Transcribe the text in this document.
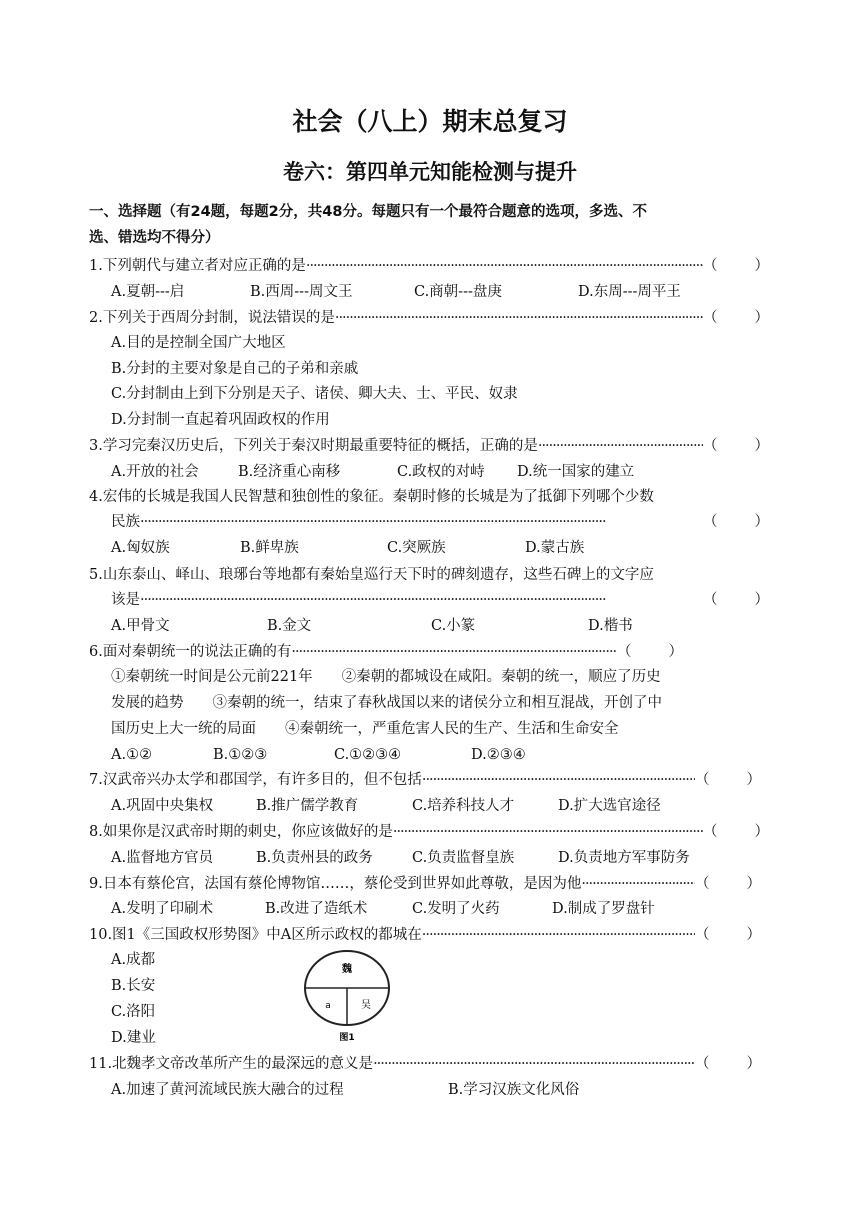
社会（八上）期末总复习
卷六：第四单元知能检测与提升
一、选择题（有24题，每题2分，共48分。每题只有一个最符合题意的选项，多选、不
选、错选均不得分）
1.下列朝代与建立者对应正确的是 ·····	（	）
A.夏朝---启	B.西周---周文王	C.商朝---盘庚	D.东周---周平王
2.下列关于西周分封制，说法错误的是 ·····	（	）
A.目的是控制全国广大地区
B.分封的主要对象是自己的子弟和亲戚
C.分封制由上到下分别是天子、诸侯、卿大夫、士、平民、奴隶
D.分封制一直起着巩固政权的作用
3.学习完秦汉历史后，下列关于秦汉时期最重要特征的概括，正确的是 ·····	（	）
A.开放的社会	B.经济重心南移	C.政权的对峙 D.统一国家的建立
4.宏伟的长城是我国人民智慧和独创性的象征。秦朝时修的长城是为了抵御下列哪个少数
民族 ·····	（	）
A.匈奴族	B.鲜卑族	C.突厥族	D.蒙古族
5.山东泰山、峄山、琅琊台等地都有秦始皇巡行天下时的碑刻遗存，这些石碑上的文字应
该是 ·····	（	）
A.甲骨文	B.金文	C.小篆	D.楷书
6.面对秦朝统一的说法正确的有 ·····	（	）
①秦朝统一时间是公元前221年　　②秦朝的都城设在咸阳。秦朝的统一，顺应了历史
发展的趋势　　③秦朝的统一，结束了春秋战国以来的诸侯分立和相互混战，开创了中
国历史上大一统的局面　　④秦朝统一，严重危害人民的生产、生活和生命安全
A.①②	B.①②③	C.①②③④	D.②③④
7.汉武帝兴办太学和郡国学，有许多目的，但不包括 ·····	（	）
A.巩固中央集权	B.推广儒学教育	C.培养科技人才	D.扩大选官途径
8.如果你是汉武帝时期的刺史，你应该做好的是 ·····	（	）
A.监督地方官员	B.负责州县的政务	C.负责监督皇族	D.负责地方军事防务
9.日本有蔡伦宫，法国有蔡伦博物馆……，蔡伦受到世界如此尊敬，是因为他 ·····	（	）
A.发明了印刷术	B.改进了造纸术	C.发明了火药	D.制成了罗盘针
10.图1《三国政权形势图》中A区所示政权的都城在 ·····	（	）
A.成都
B.长安
C.洛阳
D.建业
魏
a	吴
图1
11.北魏孝文帝改革所产生的最深远的意义是 ·····	（	）
A.加速了黄河流域民族大融合的过程	B.学习汉族文化风俗
